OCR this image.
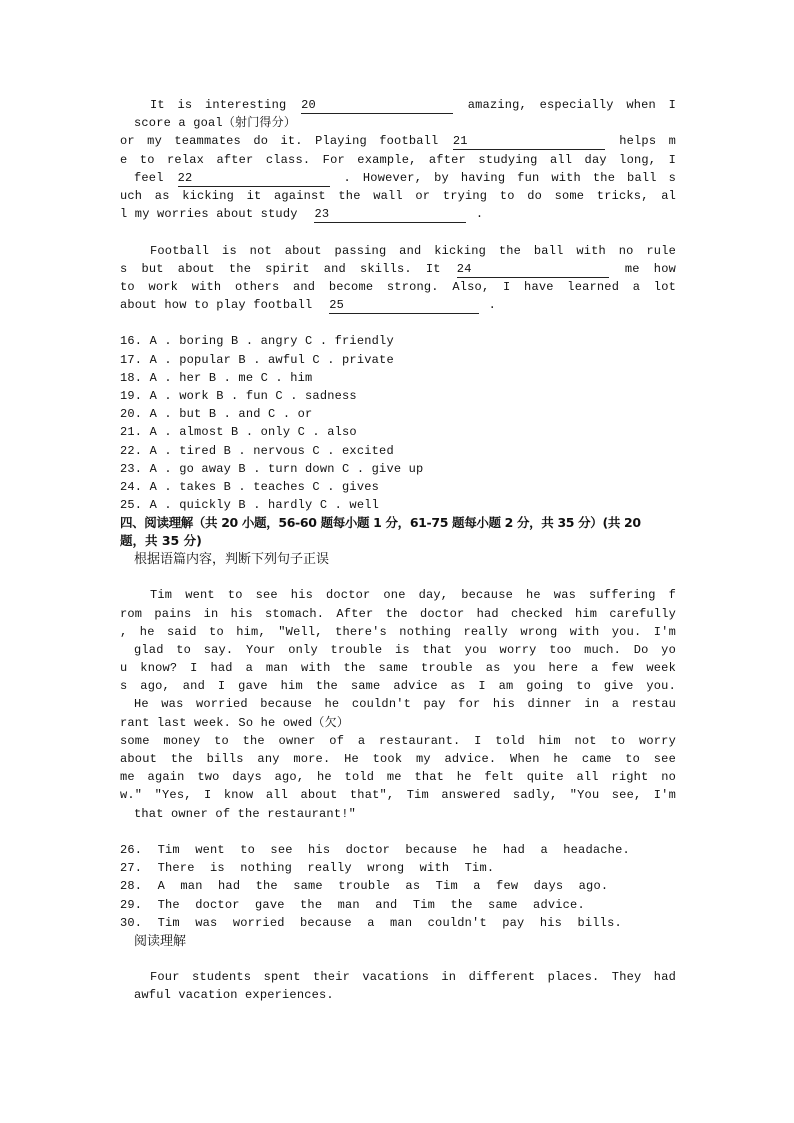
It is interesting 20	amazing, especially when I
score a goal（射门得分）
or my teammates do it. Playing football 21	helps m
e to relax after class. For example, after studying all day long, I
feel 22	. However, by having fun with the ball s
uch as kicking it against the wall or trying to do some tricks, al
l my worries about study 23	.
Football is not about passing and kicking the ball with no rule
s but about the spirit and skills. It 24	me how
to work with others and become strong. Also, I have learned a lot
about how to play football 25	.
16. A . boring B . angry C . friendly
17. A . popular B . awful C . private
18. A . her B . me C . him
19. A . work B . fun C . sadness
20. A . but B . and C . or
21. A . almost B . only C . also
22. A . tired B . nervous C . excited
23. A . go away B . turn down C . give up
24. A . takes B . teaches C . gives
25. A . quickly B . hardly C . well
四、阅读理解（共 20 小题，56-60 题每小题 1 分，61-75 题每小题 2 分，共 35 分）(共 20
题，共 35 分)
根据语篇内容，判断下列句子正误
Tim went to see his doctor one day, because he was suffering f
rom pains in his stomach. After the doctor had checked him carefully
, he said to him, "Well, there's nothing really wrong with you. I'm
glad to say. Your only trouble is that you worry too much. Do yo
u know? I had a man with the same trouble as you here a few week
s ago, and I gave him the same advice as I am going to give you.
He was worried because he couldn't pay for his dinner in a restau
rant last week. So he owed（欠）
some money to the owner of a restaurant. I told him not to worry
about the bills any more. He took my advice. When he came to see
me again two days ago, he told me that he felt quite all right no
w." "Yes, I know all about that", Tim answered sadly, "You see, I'm
that owner of the restaurant!"
26. Tim went to see his doctor because he had a headache.
27. There is nothing really wrong with Tim.
28. A man had the same trouble as Tim a few days ago.
29. The doctor gave the man and Tim the same advice.
30. Tim was worried because a man couldn't pay his bills.
阅读理解
Four students spent their vacations in different places. They had
awful vacation experiences.
